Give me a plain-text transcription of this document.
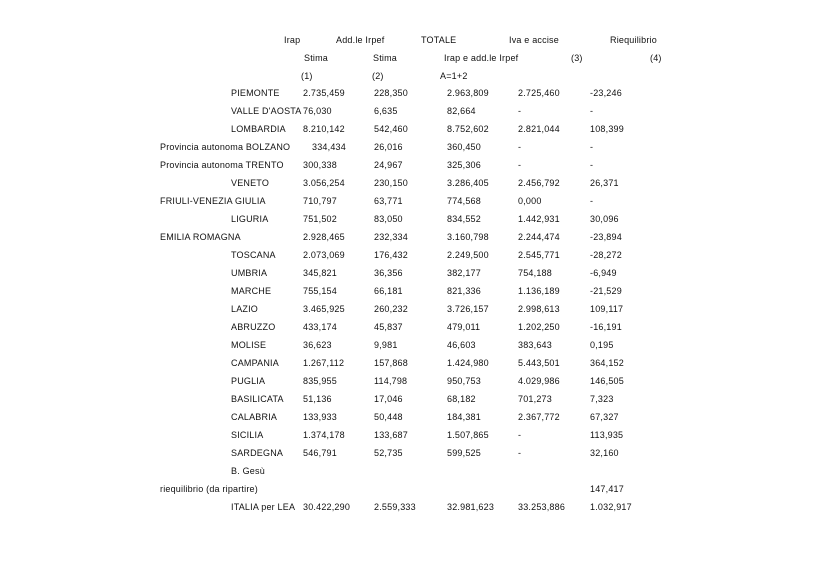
Irap	Add.le Irpef	TOTALE	Iva e accise	Riequilibrio
Stima	Stima	Irap e add.le Irpef	(3)	(4)
(1)	(2)	A=1+2
PIEMONTE	2.735,459	228,350	2.963,809	2.725,460	-23,246
VALLE D'AOSTA 76,030	6,635	82,664	-	-
LOMBARDIA 8.210,142	542,460	8.752,602	2.821,044	108,399
Provincia autonoma BOLZANO 334,434	26,016	360,450	-	-
Provincia autonoma TRENTO 300,338	24,967	325,306	-	-
VENETO	3.056,254	230,150	3.286,405	2.456,792	26,371
FRIULI-VENEZIA GIULIA	710,797	63,771	774,568	0,000	-
LIGURIA	751,502	83,050	834,552	1.442,931	30,096
EMILIA ROMAGNA	2.928,465	232,334	3.160,798	2.244,474	-23,894
TOSCANA	2.073,069	176,432	2.249,500	2.545,771	-28,272
UMBRIA	345,821	36,356	382,177	754,188	-6,949
MARCHE	755,154	66,181	821,336	1.136,189	-21,529
LAZIO	3.465,925	260,232	3.726,157	2.998,613	109,117
ABRUZZO	433,174	45,837	479,011	1.202,250	-16,191
MOLISE	36,623	9,981	46,603	383,643	0,195
CAMPANIA	1.267,112	157,868	1.424,980	5.443,501	364,152
PUGLIA	835,955	114,798	950,753	4.029,986	146,505
BASILICATA 51,136	17,046	68,182	701,273	7,323
CALABRIA	133,933	50,448	184,381	2.367,772	67,327
SICILIA	1.374,178	133,687	1.507,865	-	113,935
SARDEGNA 546,791	52,735	599,525	-	32,160
B. Gesù
riequilibrio (da ripartire)	147,417
ITALIA per LEA 30.422,290	2.559,333	32.981,623	33.253,886	1.032,917
